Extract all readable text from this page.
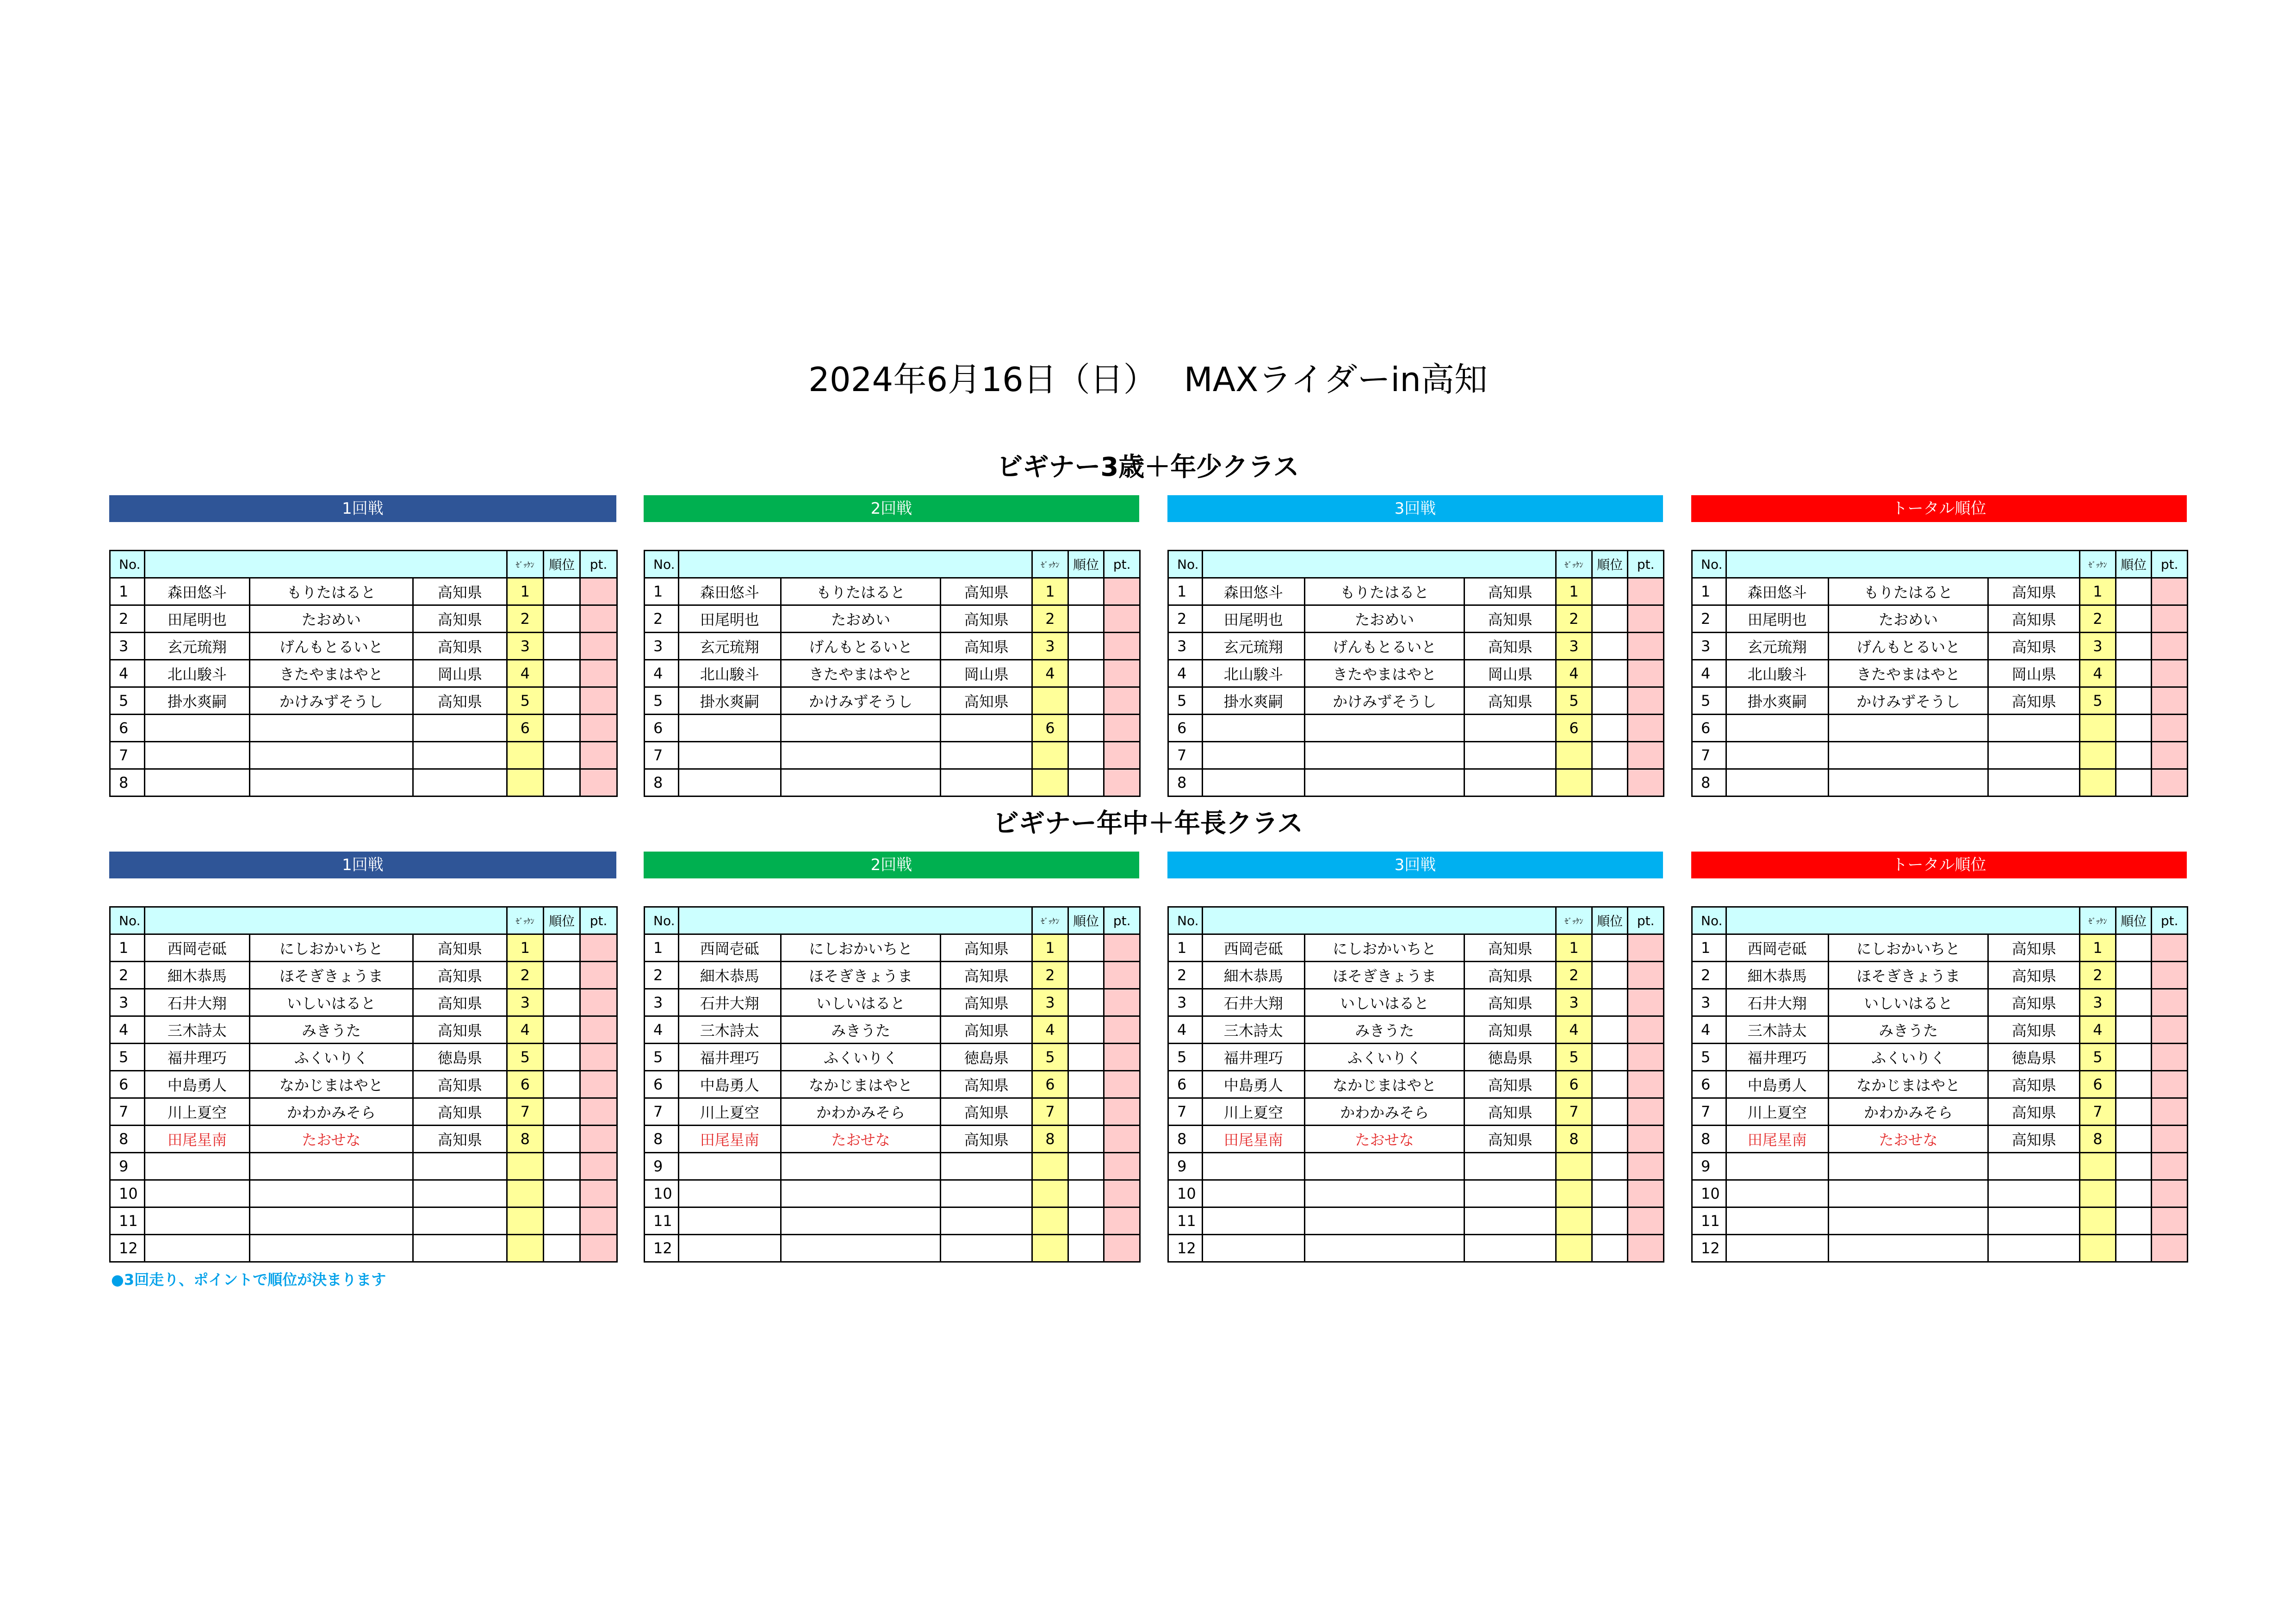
2024年6月16日（日）　 MAXライダーin高知
ビギナー3歳＋年少クラス
1回戦
No.				ｾﾞｯｹﾝ	順位	pt.
1	森田悠斗	もりたはると	高知県	1		
2	田尾明也	たおめい	高知県	2		
3	玄元琉翔	げんもとるいと	高知県	3		
4	北山駿斗	きたやまはやと	岡山県	4		
5	掛水爽嗣	かけみずそうし	高知県	5		
6				6		
7						
8						
2回戦
No.				ｾﾞｯｹﾝ	順位	pt.
1	森田悠斗	もりたはると	高知県	1		
2	田尾明也	たおめい	高知県	2		
3	玄元琉翔	げんもとるいと	高知県	3		
4	北山駿斗	きたやまはやと	岡山県	4		
5	掛水爽嗣	かけみずそうし	高知県			
6				6		
7						
8						
3回戦
No.				ｾﾞｯｹﾝ	順位	pt.
1	森田悠斗	もりたはると	高知県	1		
2	田尾明也	たおめい	高知県	2		
3	玄元琉翔	げんもとるいと	高知県	3		
4	北山駿斗	きたやまはやと	岡山県	4		
5	掛水爽嗣	かけみずそうし	高知県	5		
6				6		
7						
8						
トータル順位
No.				ｾﾞｯｹﾝ	順位	pt.
1	森田悠斗	もりたはると	高知県	1		
2	田尾明也	たおめい	高知県	2		
3	玄元琉翔	げんもとるいと	高知県	3		
4	北山駿斗	きたやまはやと	岡山県	4		
5	掛水爽嗣	かけみずそうし	高知県	5		
6						
7						
8						
ビギナー年中＋年長クラス
1回戦
No.				ｾﾞｯｹﾝ	順位	pt.
1	西岡壱砥	にしおかいちと	高知県	1		
2	細木恭馬	ほそぎきょうま	高知県	2		
3	石井大翔	いしいはると	高知県	3		
4	三木詩太	みきうた	高知県	4		
5	福井理巧	ふくいりく	徳島県	5		
6	中島勇人	なかじまはやと	高知県	6		
7	川上夏空	かわかみそら	高知県	7		
8	田尾星南	たおせな	高知県	8		
9						
10						
11						
12						
2回戦
No.				ｾﾞｯｹﾝ	順位	pt.
1	西岡壱砥	にしおかいちと	高知県	1		
2	細木恭馬	ほそぎきょうま	高知県	2		
3	石井大翔	いしいはると	高知県	3		
4	三木詩太	みきうた	高知県	4		
5	福井理巧	ふくいりく	徳島県	5		
6	中島勇人	なかじまはやと	高知県	6		
7	川上夏空	かわかみそら	高知県	7		
8	田尾星南	たおせな	高知県	8		
9						
10						
11						
12						
3回戦
No.				ｾﾞｯｹﾝ	順位	pt.
1	西岡壱砥	にしおかいちと	高知県	1		
2	細木恭馬	ほそぎきょうま	高知県	2		
3	石井大翔	いしいはると	高知県	3		
4	三木詩太	みきうた	高知県	4		
5	福井理巧	ふくいりく	徳島県	5		
6	中島勇人	なかじまはやと	高知県	6		
7	川上夏空	かわかみそら	高知県	7		
8	田尾星南	たおせな	高知県	8		
9						
10						
11						
12						
トータル順位
No.				ｾﾞｯｹﾝ	順位	pt.
1	西岡壱砥	にしおかいちと	高知県	1		
2	細木恭馬	ほそぎきょうま	高知県	2		
3	石井大翔	いしいはると	高知県	3		
4	三木詩太	みきうた	高知県	4		
5	福井理巧	ふくいりく	徳島県	5		
6	中島勇人	なかじまはやと	高知県	6		
7	川上夏空	かわかみそら	高知県	7		
8	田尾星南	たおせな	高知県	8		
9						
10						
11						
12						
●3回走り、ポイントで順位が決まります
